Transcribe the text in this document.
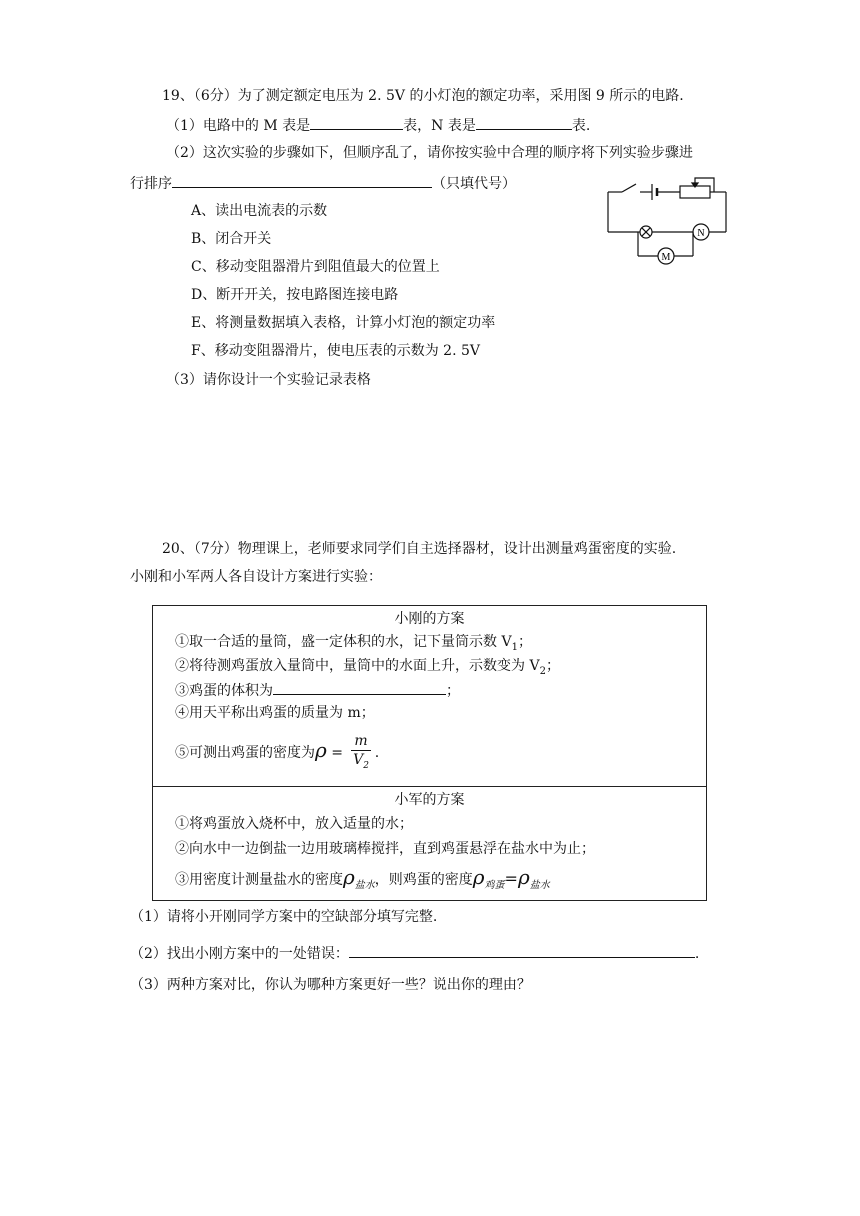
19、（6分）为了测定额定电压为 2. 5V 的小灯泡的额定功率，采用图 9 所示的电路.
（1）电路中的 M 表是	表，N 表是	表.
（2）这次实验的步骤如下，但顺序乱了，请你按实验中合理的顺序将下列实验步骤进
行排序	（只填代号）
A、读出电流表的示数
B、闭合开关
C、移动变阻器滑片到阻值最大的位置上
D、断开开关，按电路图连接电路
E、将测量数据填入表格，计算小灯泡的额定功率
F、移动变阻器滑片，使电压表的示数为 2. 5V
（3）请你设计一个实验记录表格
N
M
20、（7分）物理课上，老师要求同学们自主选择器材，设计出测量鸡蛋密度的实验.
小刚和小军两人各自设计方案进行实验：
小刚的方案
①取一合适的量筒，盛一定体积的水，记下量筒示数 $V_1$；
②将待测鸡蛋放入量筒中，量筒中的水面上升，示数变为 $V_2$；
③鸡蛋的体积为	；
④用天平称出鸡蛋的质量为 m；
⑤可测出鸡蛋的密度为$\rho = \frac{m}{V_2}$ .
小军的方案
①将鸡蛋放入烧杯中，放入适量的水；
②向水中一边倒盐一边用玻璃棒搅拌，直到鸡蛋悬浮在盐水中为止；
③用密度计测量盐水的密度$\rho_{盐水}$，则鸡蛋的密度$\rho_{鸡蛋}=\rho_{盐水}$
（1）请将小开刚同学方案中的空缺部分填写完整.
（2）找出小刚方案中的一处错误：	.
（3）两种方案对比，你认为哪种方案更好一些？说出你的理由？
